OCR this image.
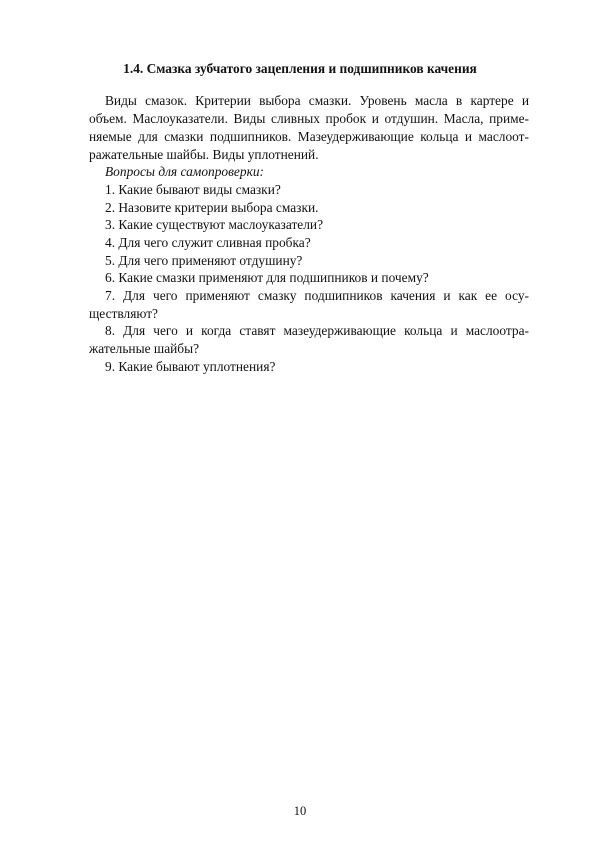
1.4. Смазка зубчатого зацепления и подшипников качения
Виды смазок. Критерии выбора смазки. Уровень масла в картере и
объем. Маслоуказатели. Виды сливных пробок и отдушин. Масла, приме-
няемые для смазки подшипников. Мазеудерживающие кольца и маслоот-
ражательные шайбы. Виды уплотнений.
Вопросы для самопроверки:
1. Какие бывают виды смазки?
2. Назовите критерии выбора смазки.
3. Какие существуют маслоуказатели?
4. Для чего служит сливная пробка?
5. Для чего применяют отдушину?
6. Какие смазки применяют для подшипников и почему?
7. Для чего применяют смазку подшипников качения и как ее осу-
ществляют?
8. Для чего и когда ставят мазеудерживающие кольца и маслоотра-
жательные шайбы?
9. Какие бывают уплотнения?
10
